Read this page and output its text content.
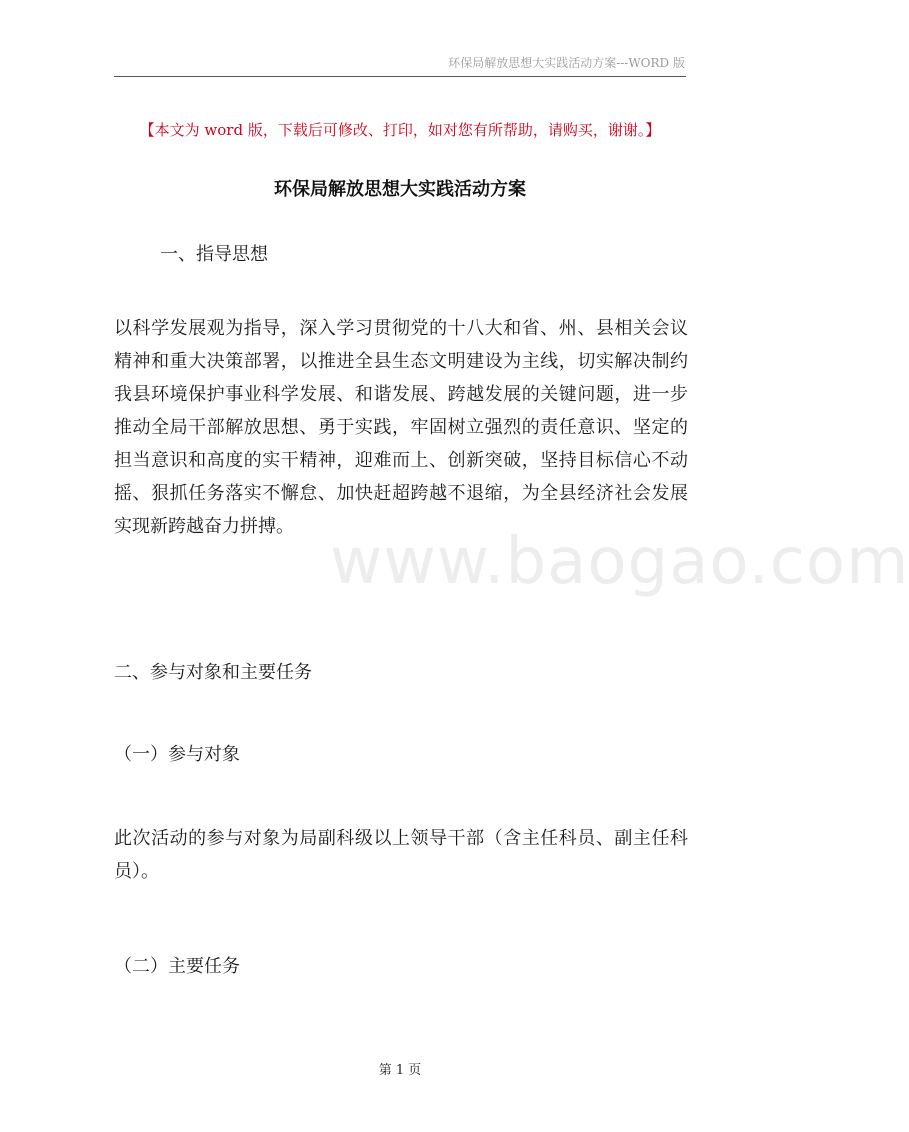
环保局解放思想大实践活动方案---WORD 版
【本文为 word 版，下载后可修改、打印，如对您有所帮助，请购买，谢谢。】
环保局解放思想大实践活动方案
一、指导思想
以科学发展观为指导，深入学习贯彻党的十八大和省、州、县相关会议精神和重大决策部署，以推进全县生态文明建设为主线，切实解决制约我县环境保护事业科学发展、和谐发展、跨越发展的关键问题，进一步推动全局干部解放思想、勇于实践，牢固树立强烈的责任意识、坚定的担当意识和高度的实干精神，迎难而上、创新突破，坚持目标信心不动摇、狠抓任务落实不懈怠、加快赶超跨越不退缩，为全县经济社会发展实现新跨越奋力拼搏。
二、参与对象和主要任务
（一）参与对象
此次活动的参与对象为局副科级以上领导干部（含主任科员、副主任科员）。
（二）主要任务
www.baogao.com
第 1 页
